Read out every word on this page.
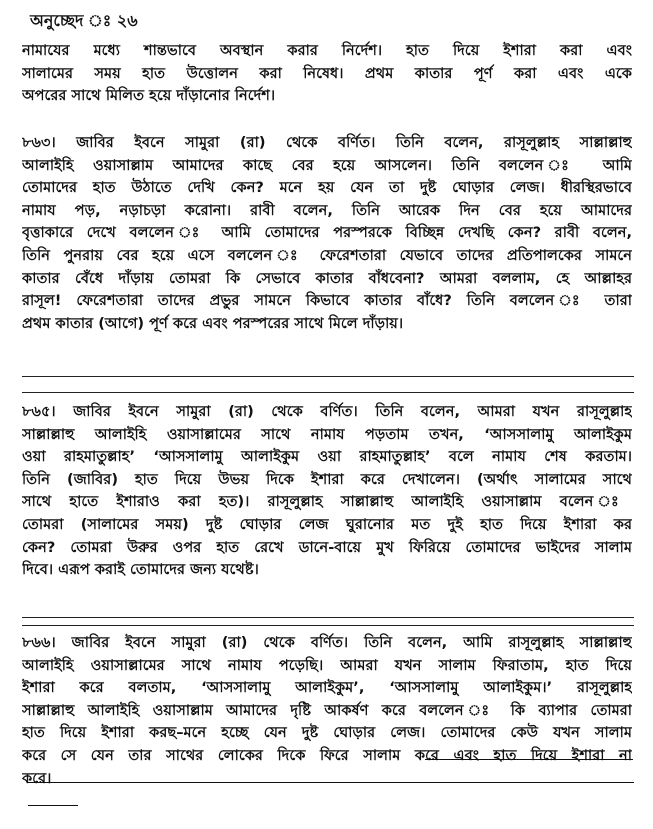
অনুচ্ছেদ ঃ ২৬

নামাযের মধ্যে শান্তভাবে অবস্থান করার নির্দেশ। হাত দিয়ে ইশারা করা এবং
সালামের সময় হাত উত্তোলন করা নিষেধ। প্রথম কাতার পূর্ণ করা এবং একে
অপরের সাথে মিলিত হয়ে দাঁড়ানোর নির্দেশ।

৮৬৩। জাবির ইবনে সামুরা (রা) থেকে বর্ণিত। তিনি বলেন, রাসূলুল্লাহ সাল্লাল্লাহু
আলাইহি ওয়াসাল্লাম আমাদের কাছে বের হয়ে আসলেন। তিনি বললেন ঃ আমি
তোমাদের হাত উঠাতে দেখি কেন? মনে হয় যেন তা দুষ্ট ঘোড়ার লেজ। ধীরস্থিরভাবে
নামায পড়, নড়াচড়া করোনা। রাবী বলেন, তিনি আরেক দিন বের হয়ে আমাদের
বৃত্তাকারে দেখে বললেন ঃ আমি তোমাদের পরস্পরকে বিচ্ছিন্ন দেখছি কেন? রাবী বলেন,
তিনি পুনরায় বের হয়ে এসে বললেন ঃ ফেরেশতারা যেভাবে তাদের প্রতিপালকের সামনে
কাতার বেঁধে দাঁড়ায় তোমরা কি সেভাবে কাতার বাঁধবেনা? আমরা বললাম, হে আল্লাহর
রাসূল! ফেরেশতারা তাদের প্রভুর সামনে কিভাবে কাতার বাঁধে? তিনি বললেন ঃ তারা
প্রথম কাতার (আগে) পূর্ণ করে এবং পরস্পরের সাথে মিলে দাঁড়ায়।

৮৬৫। জাবির ইবনে সামুরা (রা) থেকে বর্ণিত। তিনি বলেন, আমরা যখন রাসূলুল্লাহ
সাল্লাল্লাহু আলাইহি ওয়াসাল্লামের সাথে নামায পড়তাম তখন, ‘আসসালামু আলাইকুম
ওয়া রাহমাতুল্লাহ’ ‘আসসালামু আলাইকুম ওয়া রাহমাতুল্লাহ’ বলে নামায শেষ করতাম।
তিনি (জাবির) হাত দিয়ে উভয় দিকে ইশারা করে দেখালেন। (অর্থাৎ সালামের সাথে
সাথে হাতে ইশারাও করা হত)। রাসূলুল্লাহ সাল্লাল্লাহু আলাইহি ওয়াসাল্লাম বলেন ঃ
তোমরা (সালামের সময়) দুষ্ট ঘোড়ার লেজ ঘুরানোর মত দুই হাত দিয়ে ইশারা কর
কেন? তোমরা উরুর ওপর হাত রেখে ডানে-বায়ে মুখ ফিরিয়ে তোমাদের ভাইদের সালাম
দিবে। এরূপ করাই তোমাদের জন্য যথেষ্ট।

৮৬৬। জাবির ইবনে সামুরা (রা) থেকে বর্ণিত। তিনি বলেন, আমি রাসূলুল্লাহ সাল্লাল্লাহু
আলাইহি ওয়াসাল্লামের সাথে নামায পড়েছি। আমরা যখন সালাম ফিরাতাম, হাত দিয়ে
ইশারা করে বলতাম, ‘আসসালামু আলাইকুম’, ‘আসসালামু আলাইকুম।’ রাসূলুল্লাহ
সাল্লাল্লাহু আলাইহি ওয়াসাল্লাম আমাদের দৃষ্টি আকর্ষণ করে বললেন ঃ কি ব্যাপার তোমরা
হাত দিয়ে ইশারা করছ–মনে হচ্ছে যেন দুষ্ট ঘোড়ার লেজ। তোমাদের কেউ যখন সালাম
করে সে যেন তার সাথের লোকের দিকে ফিরে সালাম করে এবং হাত দিয়ে ইশারা না
করে।
